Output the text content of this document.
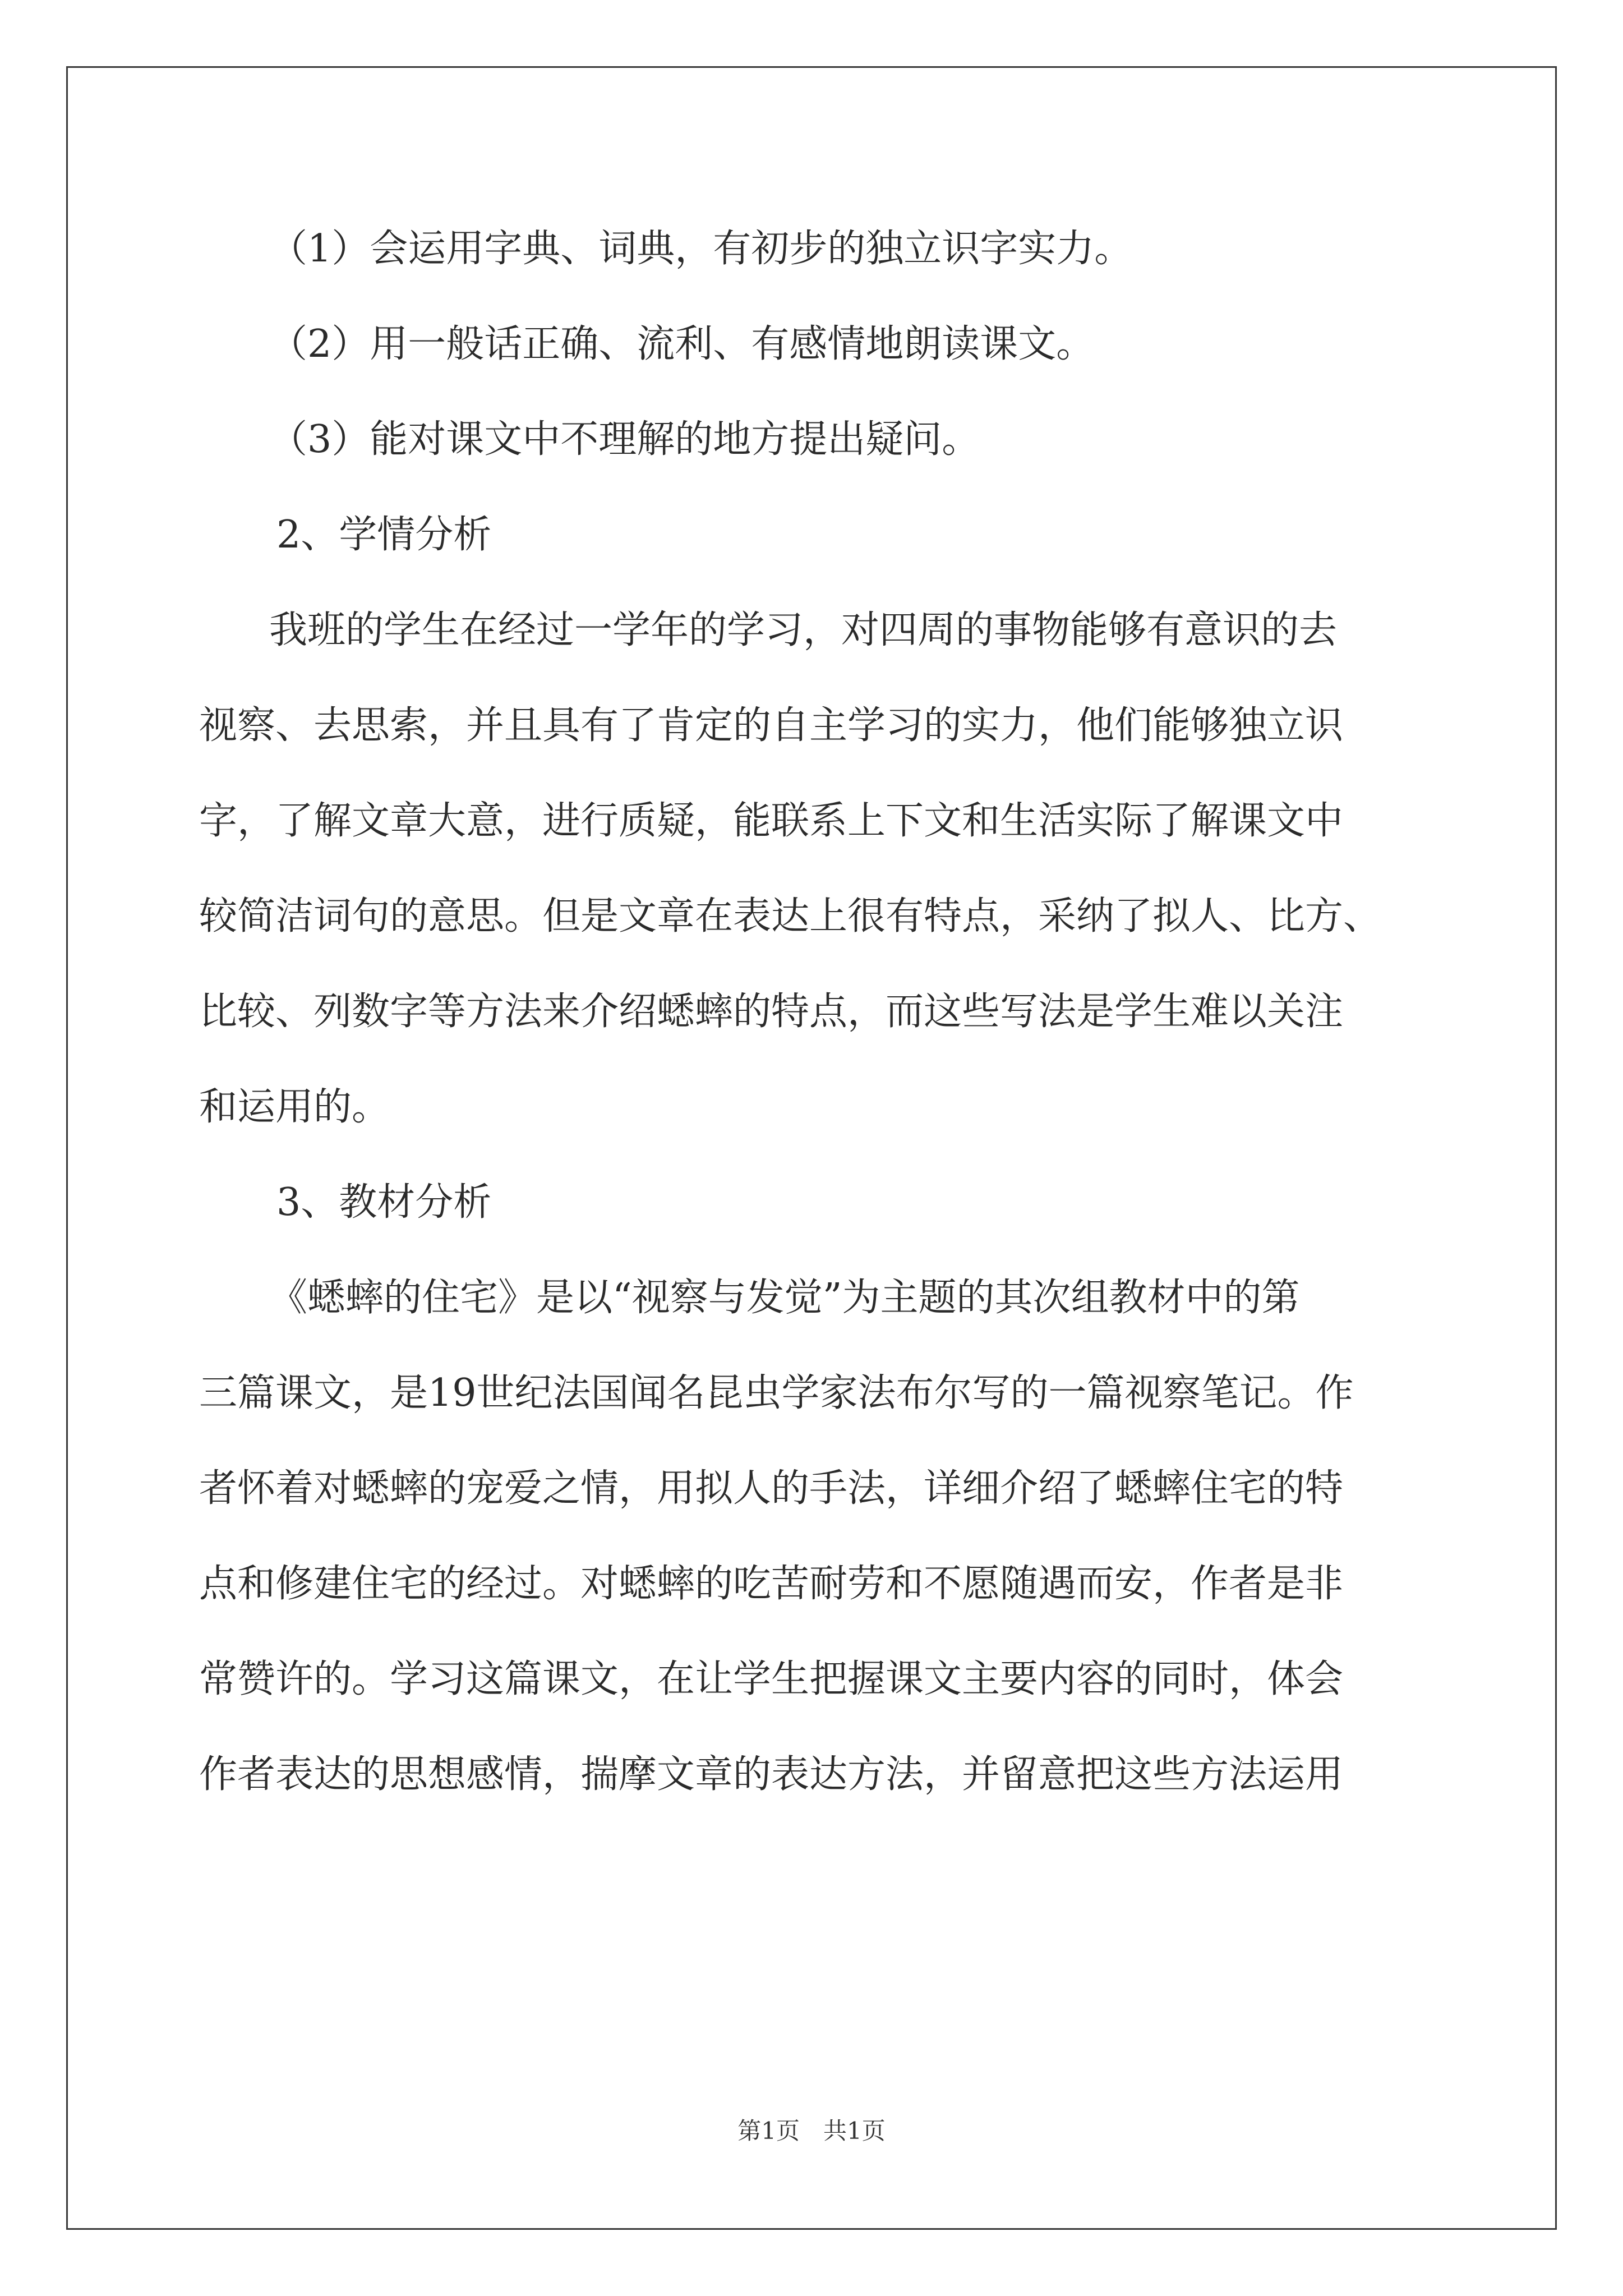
（1）会运用字典、词典，有初步的独立识字实力。
（2）用一般话正确、流利、有感情地朗读课文。
（3）能对课文中不理解的地方提出疑问。
2、学情分析
我班的学生在经过一学年的学习，对四周的事物能够有意识的去
视察、去思索，并且具有了肯定的自主学习的实力，他们能够独立识
字，了解文章大意，进行质疑，能联系上下文和生活实际了解课文中
较简洁词句的意思。但是文章在表达上很有特点，采纳了拟人、比方、
比较、列数字等方法来介绍蟋蟀的特点，而这些写法是学生难以关注
和运用的。
3、教材分析
《蟋蟀的住宅》是以“视察与发觉”为主题的其次组教材中的第
三篇课文，是19世纪法国闻名昆虫学家法布尔写的一篇视察笔记。作
者怀着对蟋蟀的宠爱之情，用拟人的手法，详细介绍了蟋蟀住宅的特
点和修建住宅的经过。对蟋蟀的吃苦耐劳和不愿随遇而安，作者是非
常赞许的。学习这篇课文，在让学生把握课文主要内容的同时，体会
作者表达的思想感情，揣摩文章的表达方法，并留意把这些方法运用
第1页　共1页
